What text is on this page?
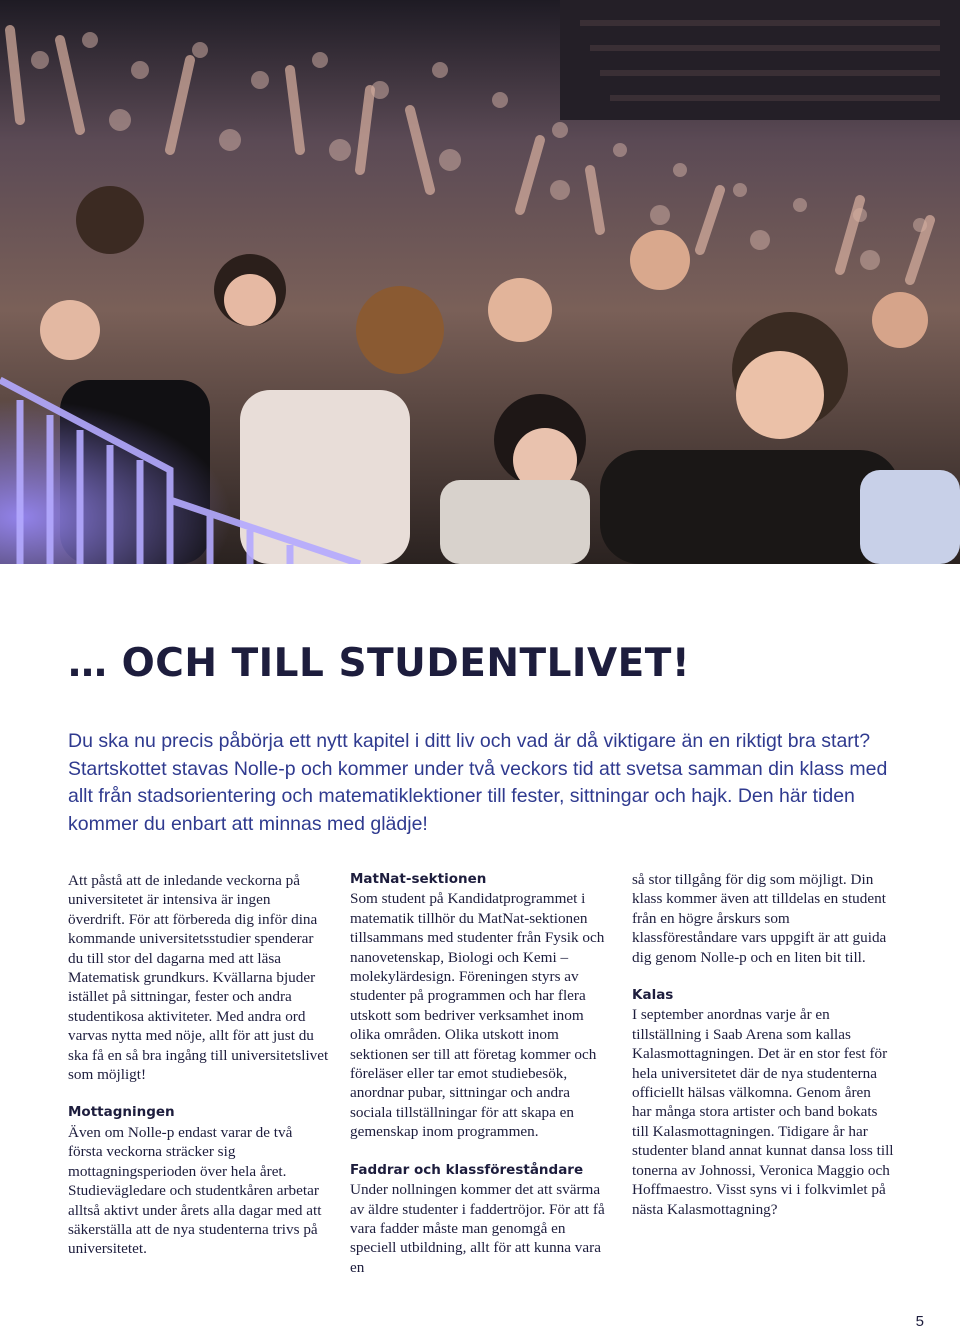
… OCH TILL STUDENTLIVET!

Du ska nu precis påbörja ett nytt kapitel i ditt liv och vad är då viktigare än en riktigt bra start? Startskottet stavas Nolle-p och kommer under två veckors tid att svetsa samman din klass med allt från stadsorientering och matematiklektioner till fester, sittningar och hajk. Den här tiden kommer du enbart att minnas med glädje!

Att påstå att de inledande veckorna på universitetet är intensiva är ingen överdrift. För att förbereda dig inför dina kommande universitetsstudier spenderar du till stor del dagarna med att läsa Matematisk grundkurs. Kvällarna bjuder istället på sittningar, fester och andra studentikosa aktiviteter. Med andra ord varvas nytta med nöje, allt för att just du ska få en så bra ingång till universitetslivet som möjligt!

Mottagningen

Även om Nolle-p endast varar de två första veckorna sträcker sig mottagningsperioden över hela året. Studievägledare och studentkåren arbetar alltså aktivt under årets alla dagar med att säkerställa att de nya studenterna trivs på universitetet.

MatNat-sektionen

Som student på Kandidatprogrammet i matematik tillhör du MatNat-sektionen tillsammans med studenter från Fysik och nanovetenskap, Biologi och Kemi – molekylärdesign. Föreningen styrs av studenter på programmen och har flera utskott som bedriver verksamhet inom olika områden. Olika utskott inom sektionen ser till att företag kommer och föreläser eller tar emot studiebesök, anordnar pubar, sittningar och andra sociala tillställningar för att skapa en gemenskap inom programmen.

Faddrar och klassföreståndare

Under nollningen kommer det att svärma av äldre studenter i faddertröjor. För att få vara fadder måste man genomgå en speciell utbildning, allt för att kunna vara en

så stor tillgång för dig som möjligt. Din klass kommer även att tilldelas en student från en högre årskurs som klassföreståndare vars uppgift är att guida dig genom Nolle-p och en liten bit till.

Kalas

I september anordnas varje år en tillställning i Saab Arena som kallas Kalasmottagningen. Det är en stor fest för hela universitetet där de nya studenterna officiellt hälsas välkomna. Genom åren har många stora artister och band bokats till Kalasmottagningen. Tidigare år har studenter bland annat kunnat dansa loss till tonerna av Johnossi, Veronica Maggio och Hoffmaestro. Visst syns vi i folkvimlet på nästa Kalasmottagning?

5
